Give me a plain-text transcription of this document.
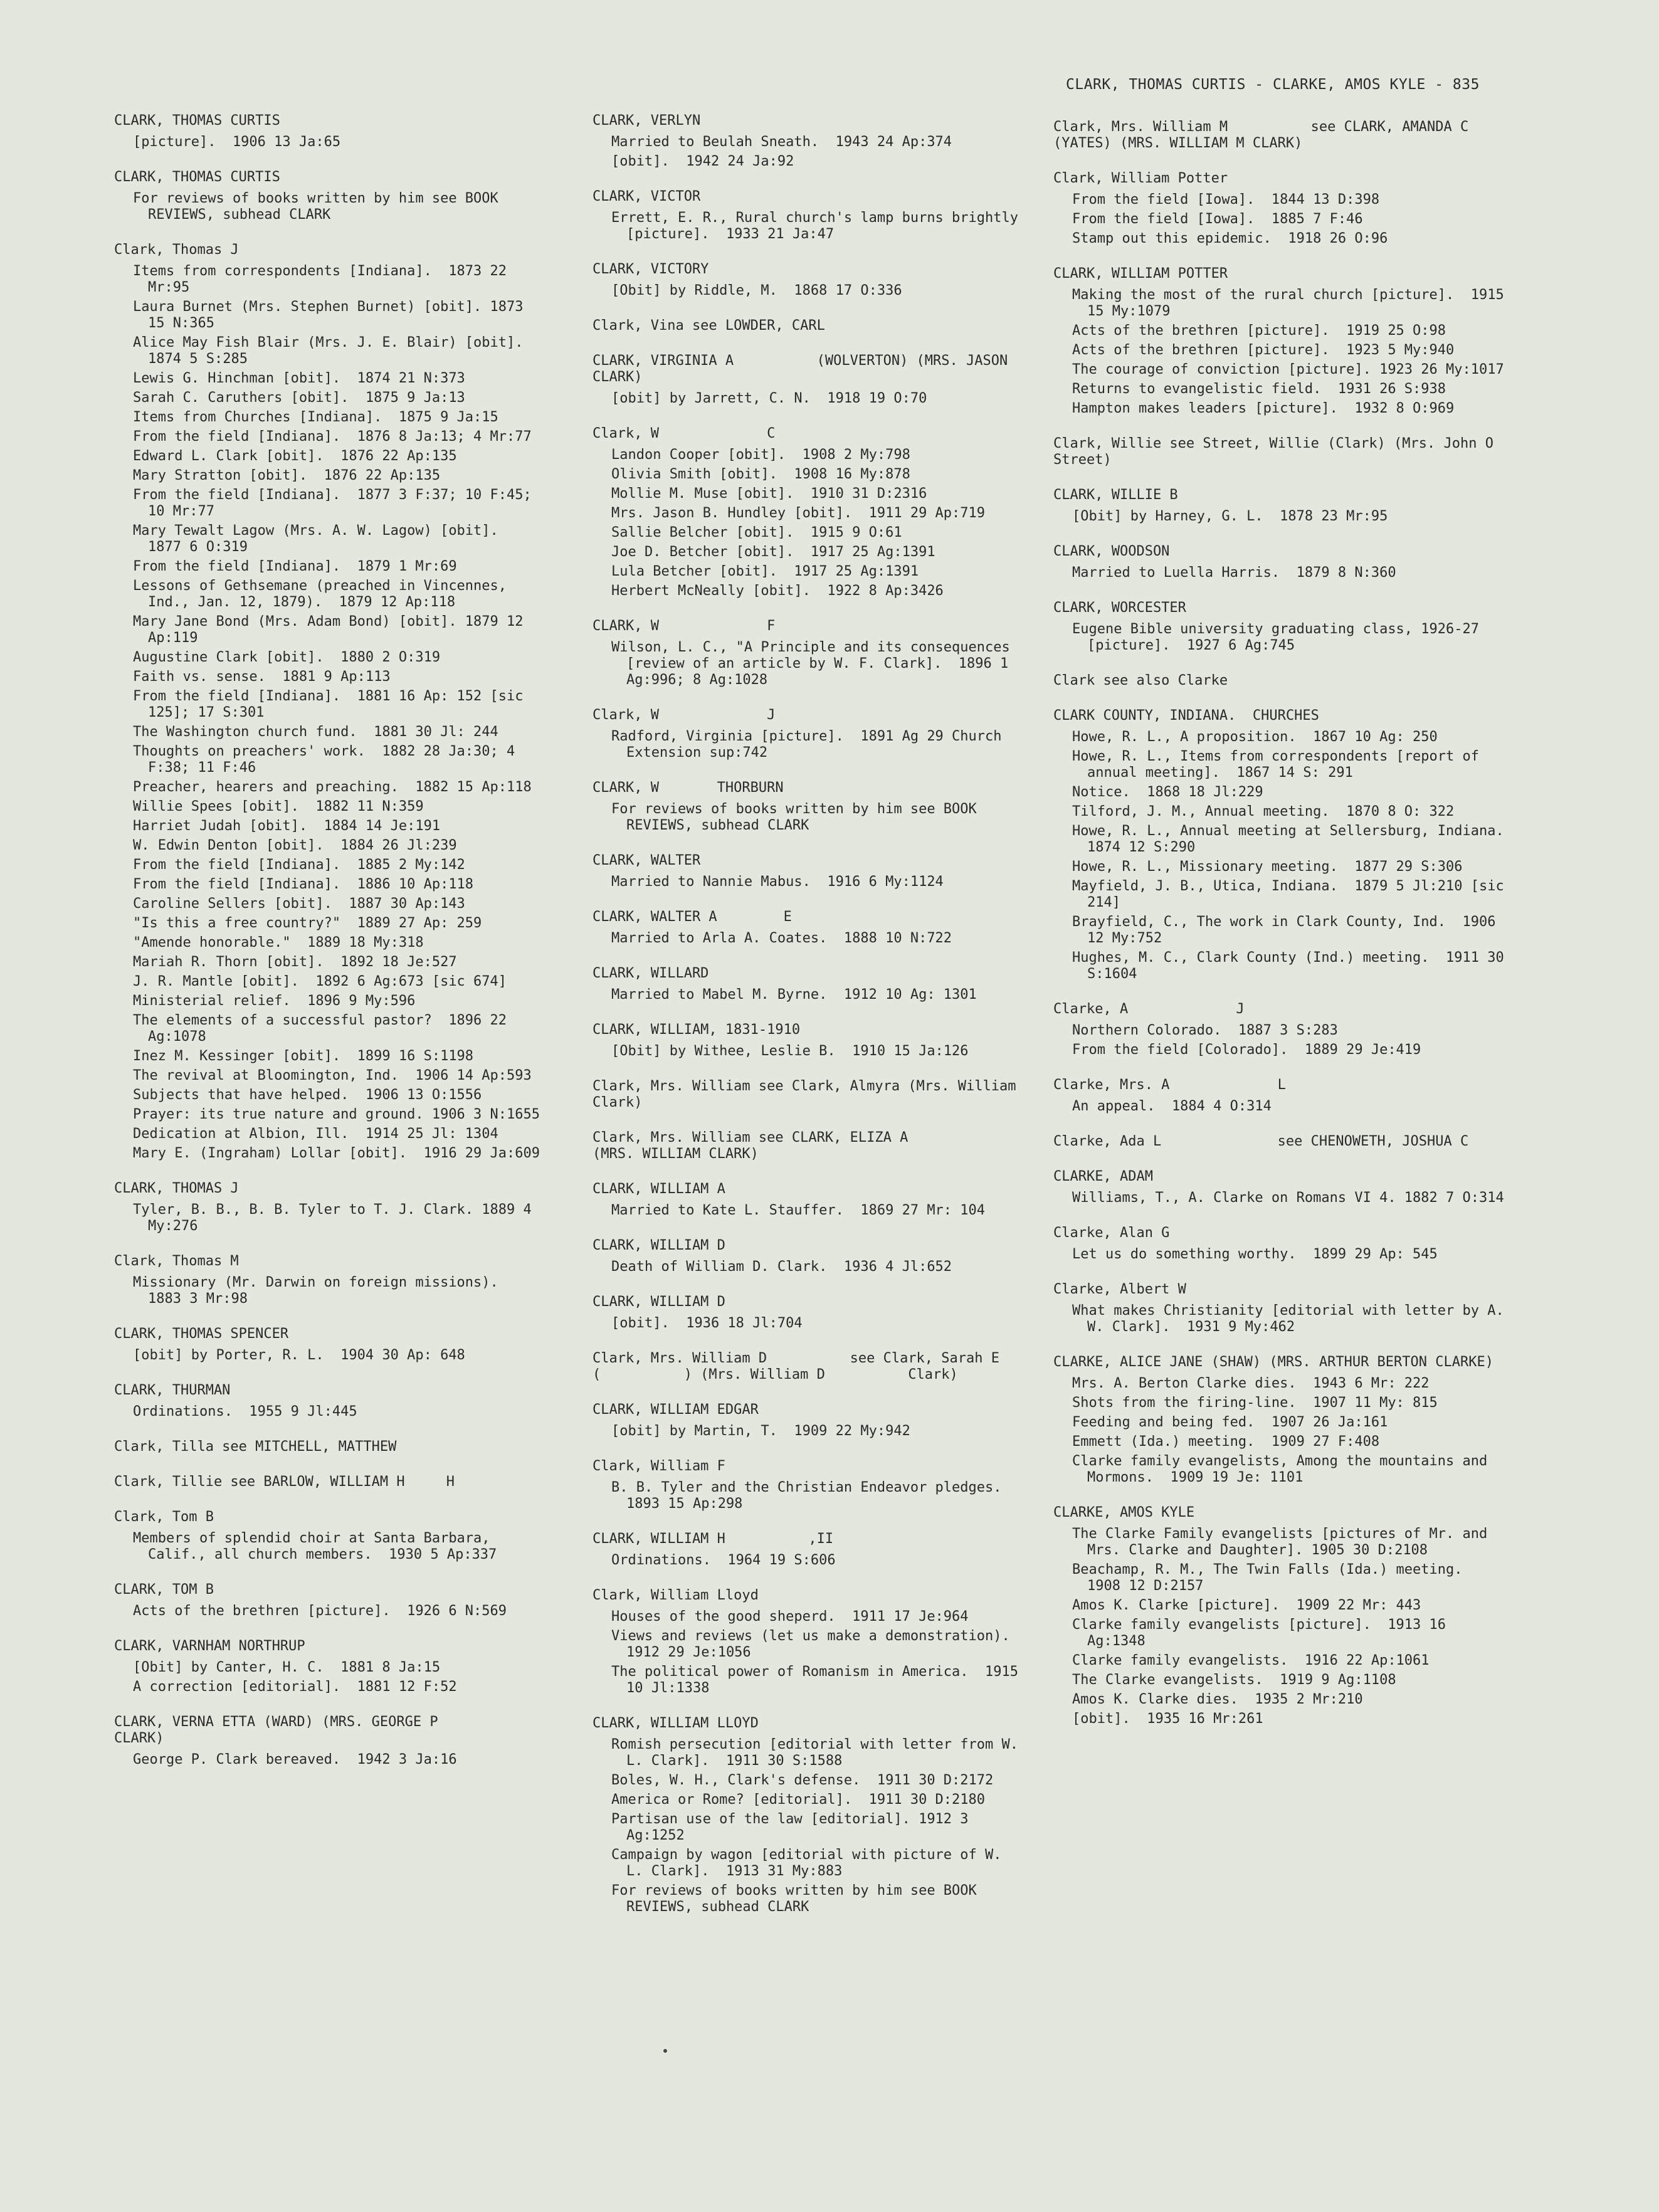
CLARK, THOMAS CURTIS - CLARKE, AMOS KYLE - 835
CLARK, THOMAS CURTIS
[picture].  1906 13 Ja:65
CLARK, THOMAS CURTIS
For reviews of books written by him see BOOK REVIEWS, subhead CLARK
Clark, Thomas J
Items from correspondents [Indiana].  1873 22 Mr:95
Laura Burnet (Mrs. Stephen Burnet) [obit]. 1873 15 N:365
Alice May Fish Blair (Mrs. J. E. Blair) [obit].  1874 5 S:285
Lewis G. Hinchman [obit].  1874 21 N:373
Sarah C. Caruthers [obit].  1875 9 Ja:13
Items from Churches [Indiana].  1875 9 Ja:15
From the field [Indiana].  1876 8 Ja:13; 4 Mr:77
Edward L. Clark [obit].  1876 22 Ap:135
Mary Stratton [obit].  1876 22 Ap:135
From the field [Indiana].  1877 3 F:37; 10 F:45; 10 Mr:77
Mary Tewalt Lagow (Mrs. A. W. Lagow) [obit].  1877 6 O:319
From the field [Indiana].  1879 1 Mr:69
Lessons of Gethsemane (preached in Vincennes, Ind., Jan. 12, 1879).  1879 12 Ap:118
Mary Jane Bond (Mrs. Adam Bond) [obit]. 1879 12 Ap:119
Augustine Clark [obit].  1880 2 O:319
Faith vs. sense.  1881 9 Ap:113
From the field [Indiana].  1881 16 Ap: 152 [sic 125]; 17 S:301
The Washington church fund.  1881 30 Jl: 244
Thoughts on preachers' work.  1882 28 Ja:30; 4 F:38; 11 F:46
Preacher, hearers and preaching.  1882 15 Ap:118
Willie Spees [obit].  1882 11 N:359
Harriet Judah [obit].  1884 14 Je:191
W. Edwin Denton [obit].  1884 26 Jl:239
From the field [Indiana].  1885 2 My:142
From the field [Indiana].  1886 10 Ap:118
Caroline Sellers [obit].  1887 30 Ap:143
"Is this a free country?"  1889 27 Ap: 259
"Amende honorable."  1889 18 My:318
Mariah R. Thorn [obit].  1892 18 Je:527
J. R. Mantle [obit].  1892 6 Ag:673 [sic 674]
Ministerial relief.  1896 9 My:596
The elements of a successful pastor?  1896 22 Ag:1078
Inez M. Kessinger [obit].  1899 16 S:1198
The revival at Bloomington, Ind.  1906 14 Ap:593
Subjects that have helped.  1906 13 O:1556
Prayer: its true nature and ground. 1906 3 N:1655
Dedication at Albion, Ill.  1914 25 Jl: 1304
Mary E. (Ingraham) Lollar [obit].  1916 29 Ja:609
CLARK, THOMAS J
Tyler, B. B., B. B. Tyler to T. J. Clark. 1889 4 My:276
Clark, Thomas M
Missionary (Mr. Darwin on foreign missions).  1883 3 Mr:98
CLARK, THOMAS SPENCER
[obit] by Porter, R. L.  1904 30 Ap: 648
CLARK, THURMAN
Ordinations.  1955 9 Jl:445
Clark, Tilla see MITCHELL, MATTHEW
Clark, Tillie see BARLOW, WILLIAM H     H
Clark, Tom B
Members of splendid choir at Santa Barbara, Calif., all church members.  1930 5 Ap:337
CLARK, TOM B
Acts of the brethren [picture].  1926 6 N:569
CLARK, VARNHAM NORTHRUP
[Obit] by Canter, H. C.  1881 8 Ja:15
A correction [editorial].  1881 12 F:52
CLARK, VERNA ETTA (WARD) (MRS. GEORGE P          CLARK)
George P. Clark bereaved.  1942 3 Ja:16
CLARK, VERLYN
Married to Beulah Sneath.  1943 24 Ap:374
[obit].  1942 24 Ja:92
CLARK, VICTOR
Errett, E. R., Rural church's lamp burns brightly [picture].  1933 21 Ja:47
CLARK, VICTORY
[Obit] by Riddle, M.  1868 17 O:336
Clark, Vina see LOWDER, CARL
CLARK, VIRGINIA A          (WOLVERTON) (MRS. JASON CLARK)
[obit] by Jarrett, C. N.  1918 19 O:70
Clark, W             C
Landon Cooper [obit].  1908 2 My:798
Olivia Smith [obit].  1908 16 My:878
Mollie M. Muse [obit].  1910 31 D:2316
Mrs. Jason B. Hundley [obit].  1911 29 Ap:719
Sallie Belcher [obit].  1915 9 O:61
Joe D. Betcher [obit].  1917 25 Ag:1391
Lula Betcher [obit].  1917 25 Ag:1391
Herbert McNeally [obit].  1922 8 Ap:3426
CLARK, W             F
Wilson, L. C., "A Principle and its consequences [review of an article by W. F. Clark].  1896 1 Ag:996; 8 Ag:1028
Clark, W             J
Radford, Virginia [picture].  1891 Ag 29 Church Extension sup:742
CLARK, W       THORBURN
For reviews of books written by him see BOOK REVIEWS, subhead CLARK
CLARK, WALTER
Married to Nannie Mabus.  1916 6 My:1124
CLARK, WALTER A        E
Married to Arla A. Coates.  1888 10 N:722
CLARK, WILLARD
Married to Mabel M. Byrne.  1912 10 Ag: 1301
CLARK, WILLIAM, 1831-1910
[Obit] by Withee, Leslie B.  1910 15 Ja:126
Clark, Mrs. William see Clark, Almyra (Mrs. William Clark)
Clark, Mrs. William see CLARK, ELIZA A          (MRS. WILLIAM CLARK)
CLARK, WILLIAM A
Married to Kate L. Stauffer.  1869 27 Mr: 104
CLARK, WILLIAM D
Death of William D. Clark.  1936 4 Jl:652
CLARK, WILLIAM D
[obit].  1936 18 Jl:704
Clark, Mrs. William D          see Clark, Sarah E          (          ) (Mrs. William D          Clark)
CLARK, WILLIAM EDGAR
[obit] by Martin, T.  1909 22 My:942
Clark, William F
B. B. Tyler and the Christian Endeavor pledges.  1893 15 Ap:298
CLARK, WILLIAM H          ,II
Ordinations.  1964 19 S:606
Clark, William Lloyd
Houses of the good sheperd.  1911 17 Je:964
Views and reviews (let us make a demonstration).  1912 29 Je:1056
The political power of Romanism in America.  1915 10 Jl:1338
CLARK, WILLIAM LLOYD
Romish persecution [editorial with letter from W. L. Clark].  1911 30 S:1588
Boles, W. H., Clark's defense.  1911 30 D:2172
America or Rome? [editorial].  1911 30 D:2180
Partisan use of the law [editorial]. 1912 3 Ag:1252
Campaign by wagon [editorial with picture of W. L. Clark].  1913 31 My:883
For reviews of books written by him see BOOK REVIEWS, subhead CLARK
Clark, Mrs. William M          see CLARK, AMANDA C          (YATES) (MRS. WILLIAM M CLARK)
Clark, William Potter
From the field [Iowa].  1844 13 D:398
From the field [Iowa].  1885 7 F:46
Stamp out this epidemic.  1918 26 O:96
CLARK, WILLIAM POTTER
Making the most of the rural church [picture].  1915 15 My:1079
Acts of the brethren [picture].  1919 25 O:98
Acts of the brethren [picture].  1923 5 My:940
The courage of conviction [picture]. 1923 26 My:1017
Returns to evangelistic field.  1931 26 S:938
Hampton makes leaders [picture].  1932 8 O:969
Clark, Willie see Street, Willie (Clark) (Mrs. John O          Street)
CLARK, WILLIE B
[Obit] by Harney, G. L.  1878 23 Mr:95
CLARK, WOODSON
Married to Luella Harris.  1879 8 N:360
CLARK, WORCESTER
Eugene Bible university graduating class, 1926-27 [picture].  1927 6 Ag:745
Clark see also Clarke
CLARK COUNTY, INDIANA.  CHURCHES
Howe, R. L., A proposition.  1867 10 Ag: 250
Howe, R. L., Items from correspondents [report of annual meeting].  1867 14 S: 291
Notice.  1868 18 Jl:229
Tilford, J. M., Annual meeting.  1870 8 O: 322
Howe, R. L., Annual meeting at Sellersburg, Indiana.  1874 12 S:290
Howe, R. L., Missionary meeting.  1877 29 S:306
Mayfield, J. B., Utica, Indiana.  1879 5 Jl:210 [sic 214]
Brayfield, C., The work in Clark County, Ind.  1906 12 My:752
Hughes, M. C., Clark County (Ind.) meeting.  1911 30 S:1604
Clarke, A             J
Northern Colorado.  1887 3 S:283
From the field [Colorado].  1889 29 Je:419
Clarke, Mrs. A             L
An appeal.  1884 4 O:314
Clarke, Ada L              see CHENOWETH, JOSHUA C
CLARKE, ADAM
Williams, T., A. Clarke on Romans VI 4. 1882 7 O:314
Clarke, Alan G
Let us do something worthy.  1899 29 Ap: 545
Clarke, Albert W
What makes Christianity [editorial with letter by A. W. Clark].  1931 9 My:462
CLARKE, ALICE JANE (SHAW) (MRS. ARTHUR BERTON CLARKE)
Mrs. A. Berton Clarke dies.  1943 6 Mr: 222
Shots from the firing-line.  1907 11 My: 815
Feeding and being fed.  1907 26 Ja:161
Emmett (Ida.) meeting.  1909 27 F:408
Clarke family evangelists, Among the mountains and Mormons.  1909 19 Je: 1101
CLARKE, AMOS KYLE
The Clarke Family evangelists [pictures of Mr. and Mrs. Clarke and Daughter]. 1905 30 D:2108
Beachamp, R. M., The Twin Falls (Ida.) meeting.  1908 12 D:2157
Amos K. Clarke [picture].  1909 22 Mr: 443
Clarke family evangelists [picture].  1913 16 Ag:1348
Clarke family evangelists.  1916 22 Ap:1061
The Clarke evangelists.  1919 9 Ag:1108
Amos K. Clarke dies.  1935 2 Mr:210
[obit].  1935 16 Mr:261
